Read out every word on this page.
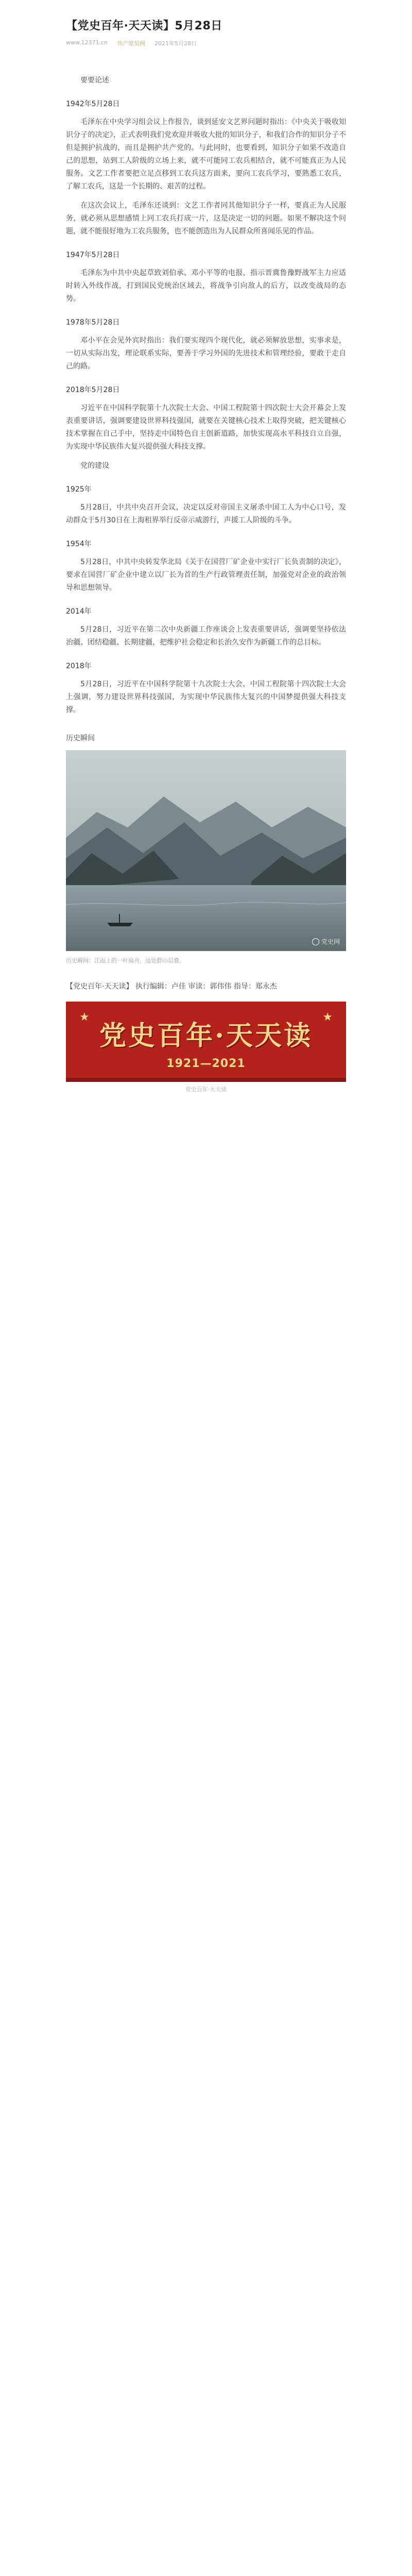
【党史百年·天天读】5月28日
www.12371.cn 共产党员网 2021年5月28日

要要论述

1942年5月28日

毛泽东在中央学习组会议上作报告，谈到延安文艺界问题时指出：《中央关于吸收知识分子的决定》，正式表明我们党欢迎并吸收大批的知识分子，和我们合作的知识分子不但是拥护抗战的，而且是拥护共产党的。与此同时，也要看到，知识分子如果不改造自己的思想，站到工人阶级的立场上来，就不可能同工农兵相结合，就不可能真正为人民服务。文艺工作者要把立足点移到工农兵这方面来，要向工农兵学习，要熟悉工农兵，了解工农兵，这是一个长期的、艰苦的过程。

在这次会议上，毛泽东还谈到：文艺工作者同其他知识分子一样，要真正为人民服务，就必须从思想感情上同工农兵打成一片，这是决定一切的问题。如果不解决这个问题，就不能很好地为工农兵服务，也不能创造出为人民群众所喜闻乐见的作品。

1947年5月28日

毛泽东为中共中央起草致刘伯承、邓小平等的电报，指示晋冀鲁豫野战军主力应适时转入外线作战，打到国民党统治区域去，将战争引向敌人的后方，以改变战局的态势。

1978年5月28日

邓小平在会见外宾时指出：我们要实现四个现代化，就必须解放思想，实事求是，一切从实际出发，理论联系实际，要善于学习外国的先进技术和管理经验，要敢于走自己的路。

2018年5月28日

习近平在中国科学院第十九次院士大会、中国工程院第十四次院士大会开幕会上发表重要讲话，强调要建设世界科技强国，就要在关键核心技术上取得突破，把关键核心技术掌握在自己手中，坚持走中国特色自主创新道路，加快实现高水平科技自立自强，为实现中华民族伟大复兴提供强大科技支撑。

党的建设

1925年

5月28日，中共中央召开会议，决定以反对帝国主义屠杀中国工人为中心口号，发动群众于5月30日在上海租界举行反帝示威游行，声援工人阶级的斗争。

1954年

5月28日，中共中央转发华北局《关于在国营厂矿企业中实行厂长负责制的决定》，要求在国营厂矿企业中建立以厂长为首的生产行政管理责任制，加强党对企业的政治领导和思想领导。

2014年

5月28日，习近平在第二次中央新疆工作座谈会上发表重要讲话，强调要坚持依法治疆、团结稳疆、长期建疆，把维护社会稳定和长治久安作为新疆工作的总目标。

2018年

5月28日，习近平在中国科学院第十九次院士大会、中国工程院第十四次院士大会上强调，努力建设世界科技强国，为实现中华民族伟大复兴的中国梦提供强大科技支撑。

历史瞬间

党史网
历史瞬间：江面上的一叶扁舟，远处群山层叠。
【党史百年·天天读】 执行编辑：卢佳 审读：郭伟伟 指导：郑永杰
★	★
党史百年·天天读
1921—2021
党史百年·天天读
